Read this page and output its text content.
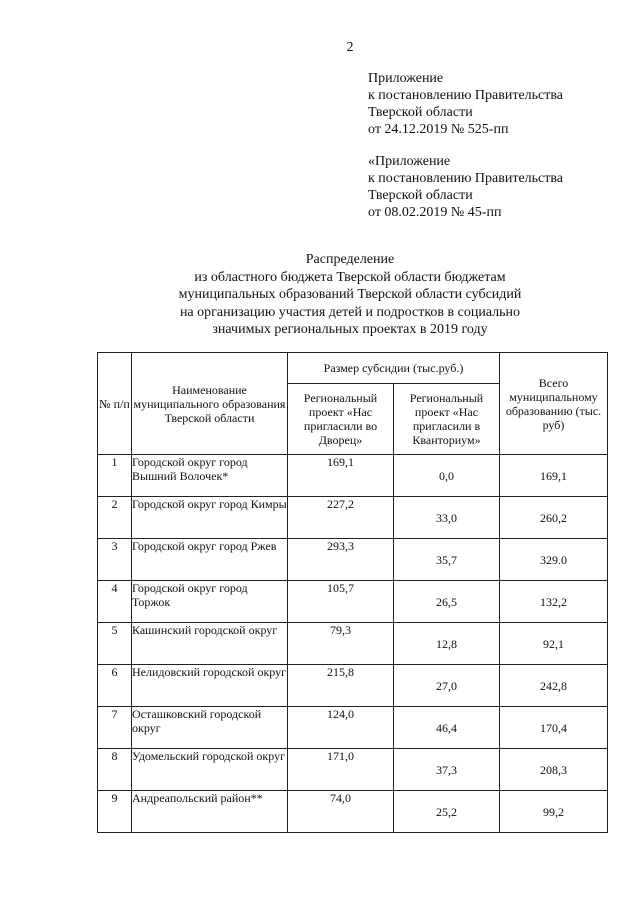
2
Приложение
к постановлению Правительства
Тверской области
от 24.12.2019 № 525-пп
«Приложение
к постановлению Правительства
Тверской области
от 08.02.2019 № 45-пп
Распределение
из областного бюджета Тверской области бюджетам
муниципальных образований Тверской области субсидий
на организацию участия детей и подростков в социально
значимых региональных проектах в 2019 году
№ п/п	Наименование муниципального образования Тверской области	Размер субсидии (тыс.руб.)		Всего муниципальному образованию (тыс. руб)
		Региональный проект «Нас пригласили во Дворец»	Региональный проект «Нас пригласили в Кванториум»	
1	Городской округ город Вышний Волочек*	169,1	0,0	169,1
2	Городской округ город Кимры	227,2	33,0	260,2
3	Городской округ город Ржев	293,3	35,7	329.0
4	Городской округ город Торжок	105,7	26,5	132,2
5	Кашинский городской округ	79,3	12,8	92,1
6	Нелидовский городской округ	215,8	27,0	242,8
7	Осташковский городской округ	124,0	46,4	170,4
8	Удомельский городской округ	171,0	37,3	208,3
9	Андреапольский район**	74,0	25,2	99,2
